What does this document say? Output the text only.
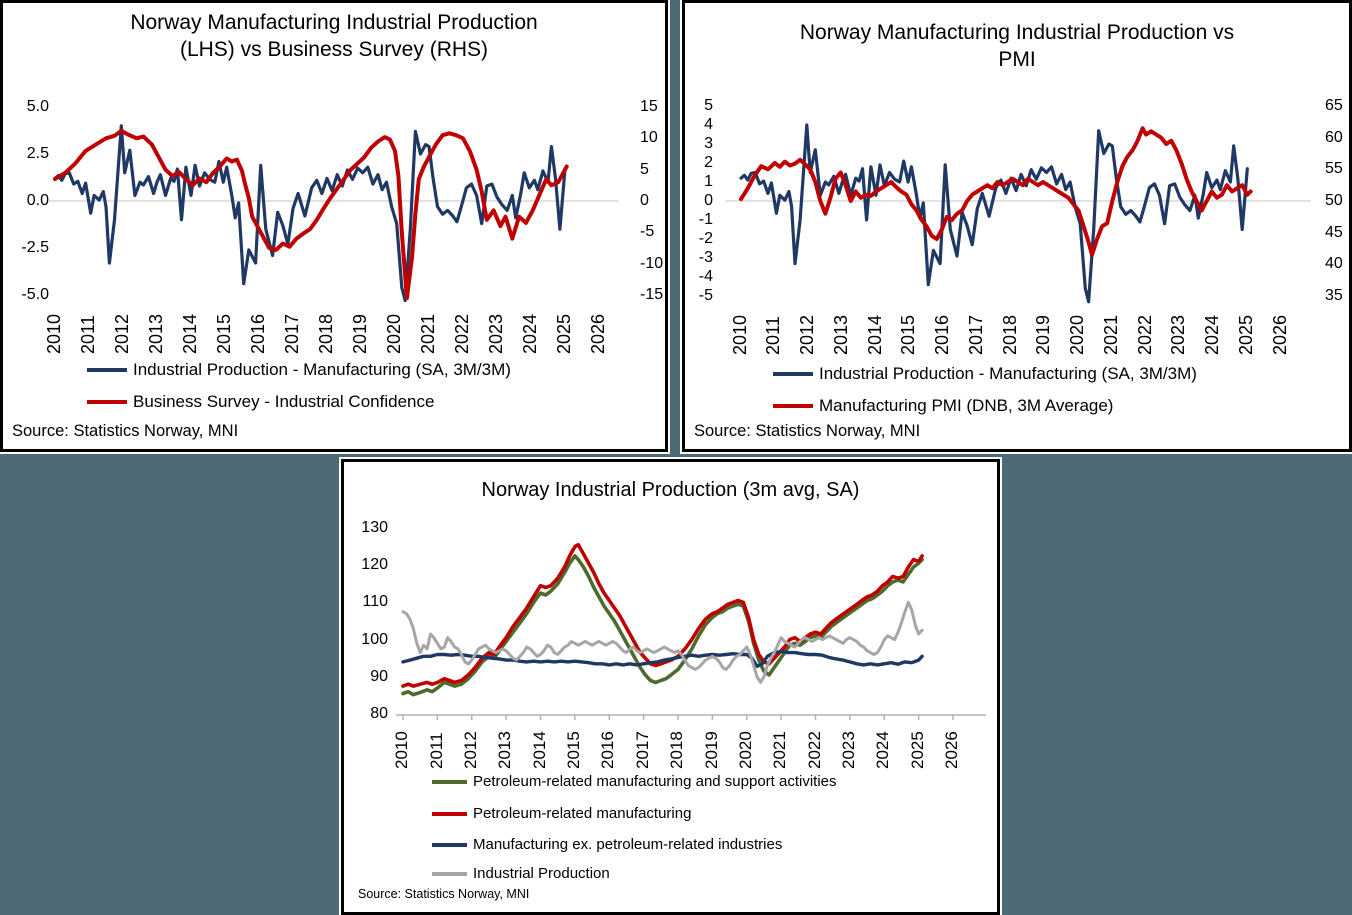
Norway Manufacturing Industrial Production (LHS) vs Business Survey (RHS)
5.0
2.5
0.0
-2.5
-5.0
15
10
5
0
-5
-10
-15
2010 2011 2012 2013 2014 2015 2016 2017 2018 2019 2020 2021 2022 2023 2024 2025 2026
Industrial Production - Manufacturing (SA, 3M/3M)
Business Survey - Industrial Confidence
Source: Statistics Norway, MNI
Norway Manufacturing Industrial Production vs PMI
5
4
3
2
1
0
-1
-2
-3
-4
-5
65
60
55
50
45
40
35
2010 2011 2012 2013 2014 2015 2016 2017 2018 2019 2020 2021 2022 2023 2024 2025 2026
Industrial Production - Manufacturing (SA, 3M/3M)
Manufacturing PMI (DNB, 3M Average)
Source: Statistics Norway, MNI
Norway Industrial Production (3m avg, SA)
130
120
110
100
90
80
2010 2011 2012 2013 2014 2015 2016 2017 2018 2019 2020 2021 2022 2023 2024 2025 2026
Petroleum-related manufacturing and support activities
Petroleum-related manufacturing
Manufacturing ex. petroleum-related industries
Industrial Production
Source: Statistics Norway, MNI
